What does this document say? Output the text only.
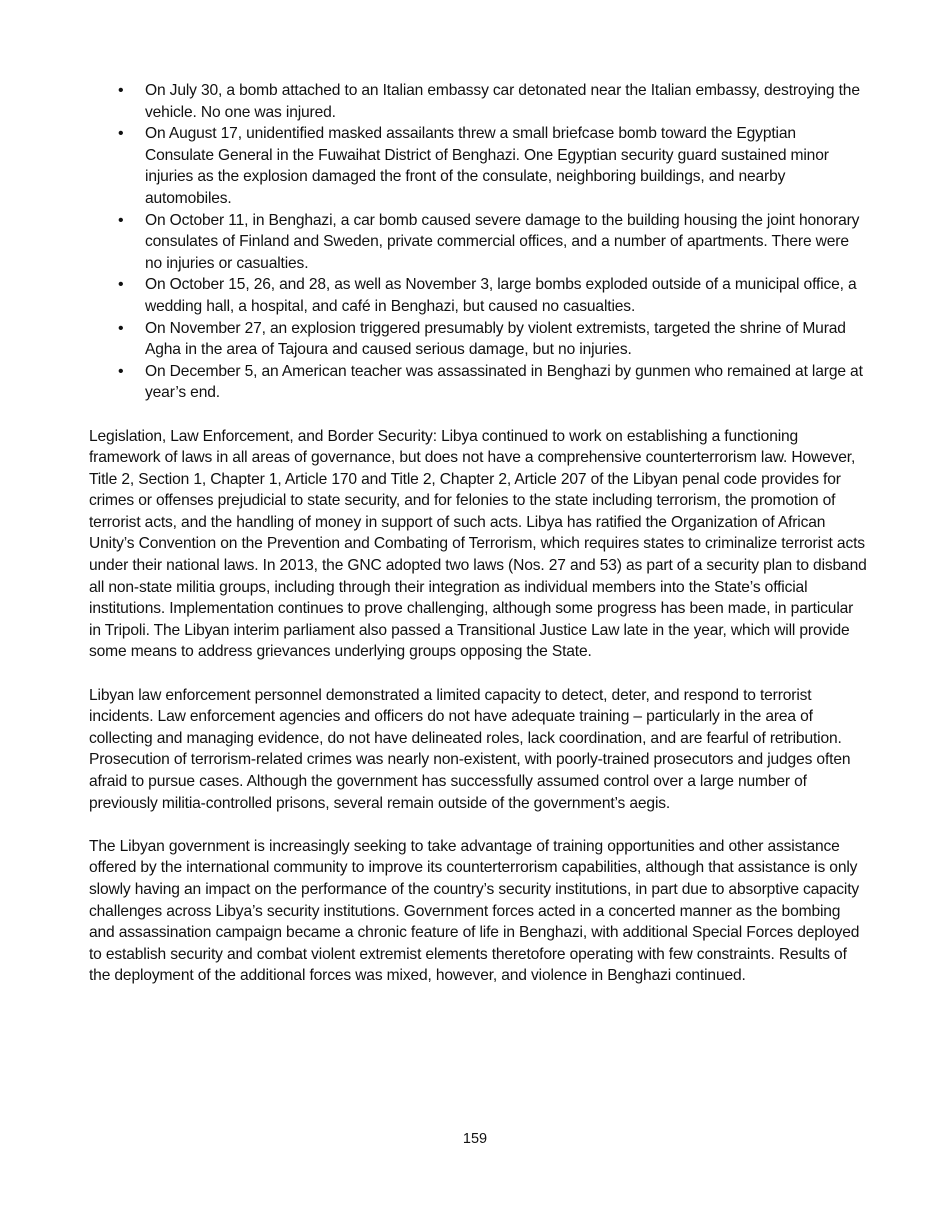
• On July 30, a bomb attached to an Italian embassy car detonated near the Italian embassy, destroying the vehicle. No one was injured.
• On August 17, unidentified masked assailants threw a small briefcase bomb toward the Egyptian Consulate General in the Fuwaihat District of Benghazi. One Egyptian security guard sustained minor injuries as the explosion damaged the front of the consulate, neighboring buildings, and nearby automobiles.
• On October 11, in Benghazi, a car bomb caused severe damage to the building housing the joint honorary consulates of Finland and Sweden, private commercial offices, and a number of apartments. There were no injuries or casualties.
• On October 15, 26, and 28, as well as November 3, large bombs exploded outside of a municipal office, a wedding hall, a hospital, and café in Benghazi, but caused no casualties.
• On November 27, an explosion triggered presumably by violent extremists, targeted the shrine of Murad Agha in the area of Tajoura and caused serious damage, but no injuries.
• On December 5, an American teacher was assassinated in Benghazi by gunmen who remained at large at year’s end.

Legislation, Law Enforcement, and Border Security: Libya continued to work on establishing a functioning framework of laws in all areas of governance, but does not have a comprehensive counterterrorism law. However, Title 2, Section 1, Chapter 1, Article 170 and Title 2, Chapter 2, Article 207 of the Libyan penal code provides for crimes or offenses prejudicial to state security, and for felonies to the state including terrorism, the promotion of terrorist acts, and the handling of money in support of such acts. Libya has ratified the Organization of African Unity’s Convention on the Prevention and Combating of Terrorism, which requires states to criminalize terrorist acts under their national laws. In 2013, the GNC adopted two laws (Nos. 27 and 53) as part of a security plan to disband all non-state militia groups, including through their integration as individual members into the State’s official institutions. Implementation continues to prove challenging, although some progress has been made, in particular in Tripoli. The Libyan interim parliament also passed a Transitional Justice Law late in the year, which will provide some means to address grievances underlying groups opposing the State.

Libyan law enforcement personnel demonstrated a limited capacity to detect, deter, and respond to terrorist incidents. Law enforcement agencies and officers do not have adequate training – particularly in the area of collecting and managing evidence, do not have delineated roles, lack coordination, and are fearful of retribution. Prosecution of terrorism-related crimes was nearly non-existent, with poorly-trained prosecutors and judges often afraid to pursue cases. Although the government has successfully assumed control over a large number of previously militia-controlled prisons, several remain outside of the government’s aegis.

The Libyan government is increasingly seeking to take advantage of training opportunities and other assistance offered by the international community to improve its counterterrorism capabilities, although that assistance is only slowly having an impact on the performance of the country’s security institutions, in part due to absorptive capacity challenges across Libya’s security institutions. Government forces acted in a concerted manner as the bombing and assassination campaign became a chronic feature of life in Benghazi, with additional Special Forces deployed to establish security and combat violent extremist elements theretofore operating with few constraints. Results of the deployment of the additional forces was mixed, however, and violence in Benghazi continued.

159
